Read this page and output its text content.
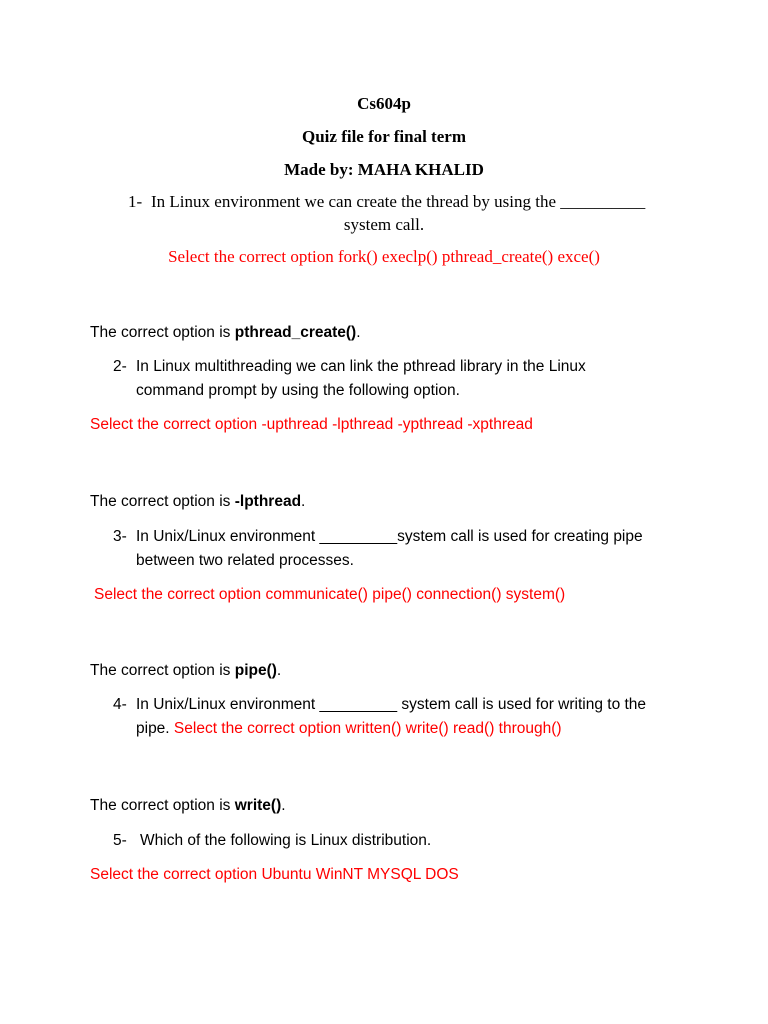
Cs604p
Quiz file for final term
Made by: MAHA KHALID
1- In Linux environment we can create the thread by using the __________
system call.
Select the correct option fork() execlp() pthread_create() exce()
The correct option is pthread_create().
2- In Linux multithreading we can link the pthread library in the Linux
command prompt by using the following option.
Select the correct option -upthread -lpthread -ypthread -xpthread
The correct option is -lpthread.
3- In Unix/Linux environment _________system call is used for creating pipe
between two related processes.
Select the correct option communicate() pipe() connection() system()
The correct option is pipe().
4- In Unix/Linux environment _________ system call is used for writing to the
pipe. Select the correct option written() write() read() through()
The correct option is write().
5- Which of the following is Linux distribution.
Select the correct option Ubuntu WinNT MYSQL DOS
